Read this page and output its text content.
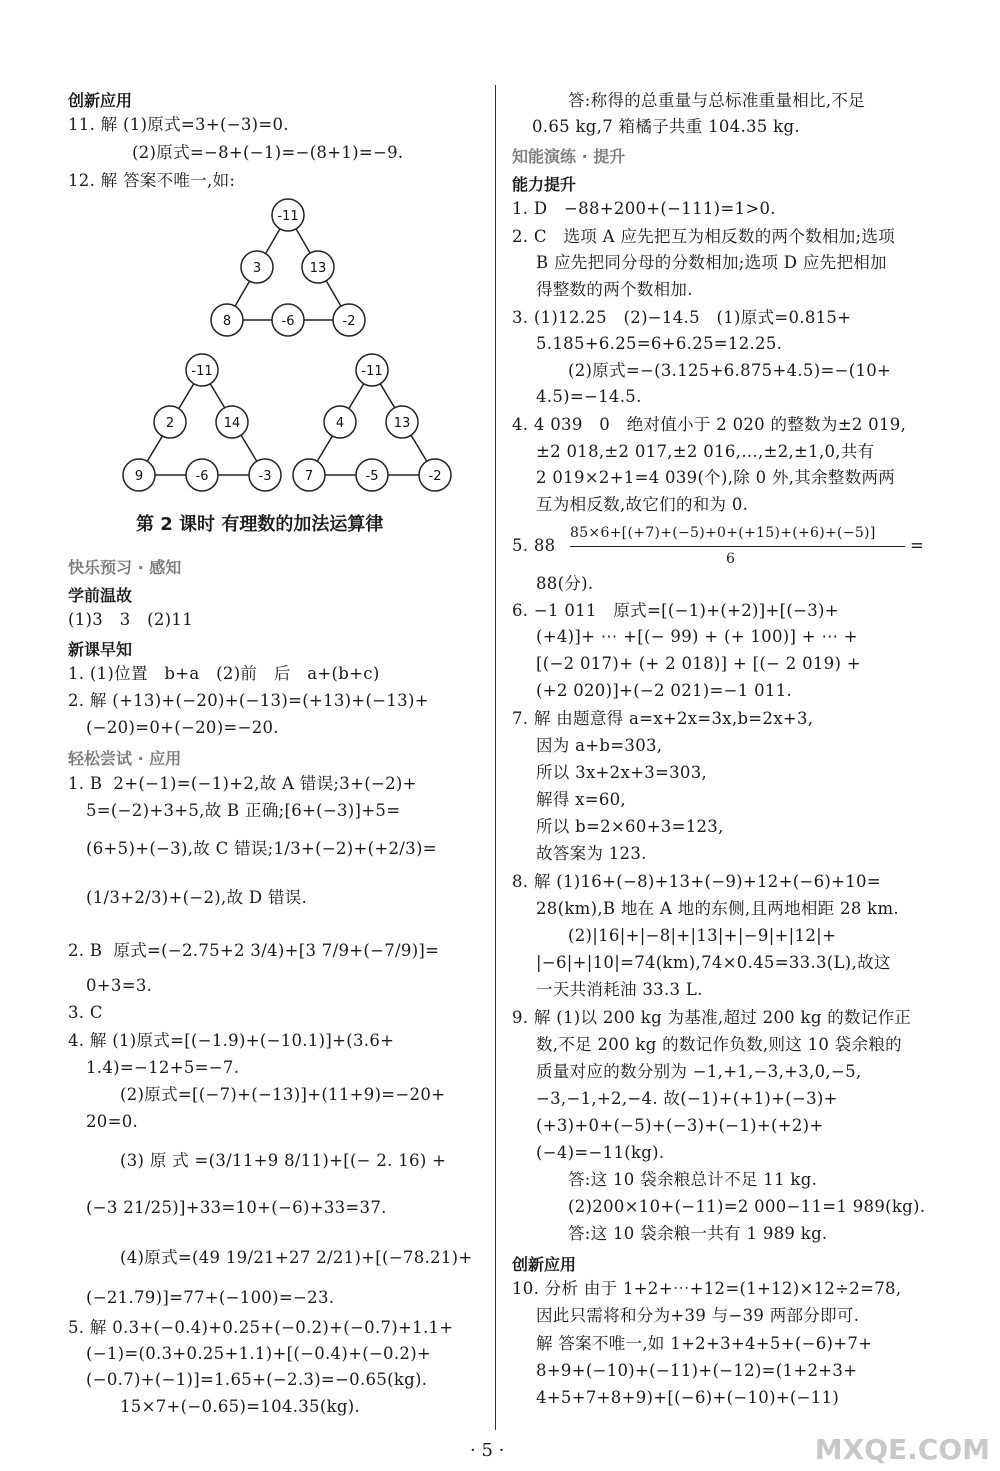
创新应用
11. 解 (1)原式=3+(−3)=0.
(2)原式=−8+(−1)=−(8+1)=−9.
12. 解 答案不唯一,如:
-11
3	13
8	-6	-2
-11
2	14
9	-6	-3
-11
4	13
7	-5	-2
第 2 课时 有理数的加法运算律
快乐预习 · 感知
学前温故
(1)3   3   (2)11
新课早知
1. (1)位置   b+a   (2)前   后   a+(b+c)
2. 解 (+13)+(−20)+(−13)=(+13)+(−13)+
(−20)=0+(−20)=−20.
轻松尝试 · 应用
1. B  2+(−1)=(−1)+2,故 A 错误;3+(−2)+
5=(−2)+3+5,故 B 正确;[6+(−3)]+5=
(6+5)+(−3),故 C 错误;1/3+(−2)+(+2/3)=
(1/3+2/3)+(−2),故 D 错误.
2. B  原式=(−2.75+2 3/4)+[3 7/9+(−7/9)]=
0+3=3.
3. C
4. 解 (1)原式=[(−1.9)+(−10.1)]+(3.6+
1.4)=−12+5=−7.
(2)原式=[(−7)+(−13)]+(11+9)=−20+
20=0.
(3) 原 式 =(3/11+9 8/11)+[(− 2. 16) +
(−3 21/25)]+33=10+(−6)+33=37.
(4)原式=(49 19/21+27 2/21)+[(−78.21)+
(−21.79)]=77+(−100)=−23.
5. 解 0.3+(−0.4)+0.25+(−0.2)+(−0.7)+1.1+
(−1)=(0.3+0.25+1.1)+[(−0.4)+(−0.2)+
(−0.7)+(−1)]=1.65+(−2.3)=−0.65(kg).
15×7+(−0.65)=104.35(kg).
答:称得的总重量与总标准重量相比,不足
0.65 kg,7 箱橘子共重 104.35 kg.
知能演练 · 提升
能力提升
1. D   −88+200+(−111)=1>0.
2. C   选项 A 应先把互为相反数的两个数相加;选项
B 应先把同分母的分数相加;选项 D 应先把相加
得整数的两个数相加.
3. (1)12.25   (2)−14.5   (1)原式=0.815+
5.185+6.25=6+6.25=12.25.
(2)原式=−(3.125+6.875+4.5)=−(10+
4.5)=−14.5.
4. 4 039   0   绝对值小于 2 020 的整数为±2 019,
±2 018,±2 017,±2 016,…,±2,±1,0,共有
2 019×2+1=4 039(个),除 0 外,其余整数两两
互为相反数,故它们的和为 0.
5. 88
85×6+[(+7)+(−5)+0+(+15)+(+6)+(−5)]
6
=
88(分).
6. −1 011   原式=[(−1)+(+2)]+[(−3)+
(+4)]+ ⋯ +[(− 99) + (+ 100)] + ⋯ +
[(−2 017)+ (+ 2 018)] + [(− 2 019) +
(+2 020)]+(−2 021)=−1 011.
7. 解 由题意得 a=x+2x=3x,b=2x+3,
因为 a+b=303,
所以 3x+2x+3=303,
解得 x=60,
所以 b=2×60+3=123,
故答案为 123.
8. 解 (1)16+(−8)+13+(−9)+12+(−6)+10=
28(km),B 地在 A 地的东侧,且两地相距 28 km.
(2)|16|+|−8|+|13|+|−9|+|12|+
|−6|+|10|=74(km),74×0.45=33.3(L),故这
一天共消耗油 33.3 L.
9. 解 (1)以 200 kg 为基准,超过 200 kg 的数记作正
数,不足 200 kg 的数记作负数,则这 10 袋余粮的
质量对应的数分别为 −1,+1,−3,+3,0,−5,
−3,−1,+2,−4. 故(−1)+(+1)+(−3)+
(+3)+0+(−5)+(−3)+(−1)+(+2)+
(−4)=−11(kg).
答:这 10 袋余粮总计不足 11 kg.
(2)200×10+(−11)=2 000−11=1 989(kg).
答:这 10 袋余粮一共有 1 989 kg.
创新应用
10. 分析 由于 1+2+⋯+12=(1+12)×12÷2=78,
因此只需将和分为+39 与−39 两部分即可.
解 答案不唯一,如 1+2+3+4+5+(−6)+7+
8+9+(−10)+(−11)+(−12)=(1+2+3+
4+5+7+8+9)+[(−6)+(−10)+(−11)
· 5 ·	MXQE.COM
